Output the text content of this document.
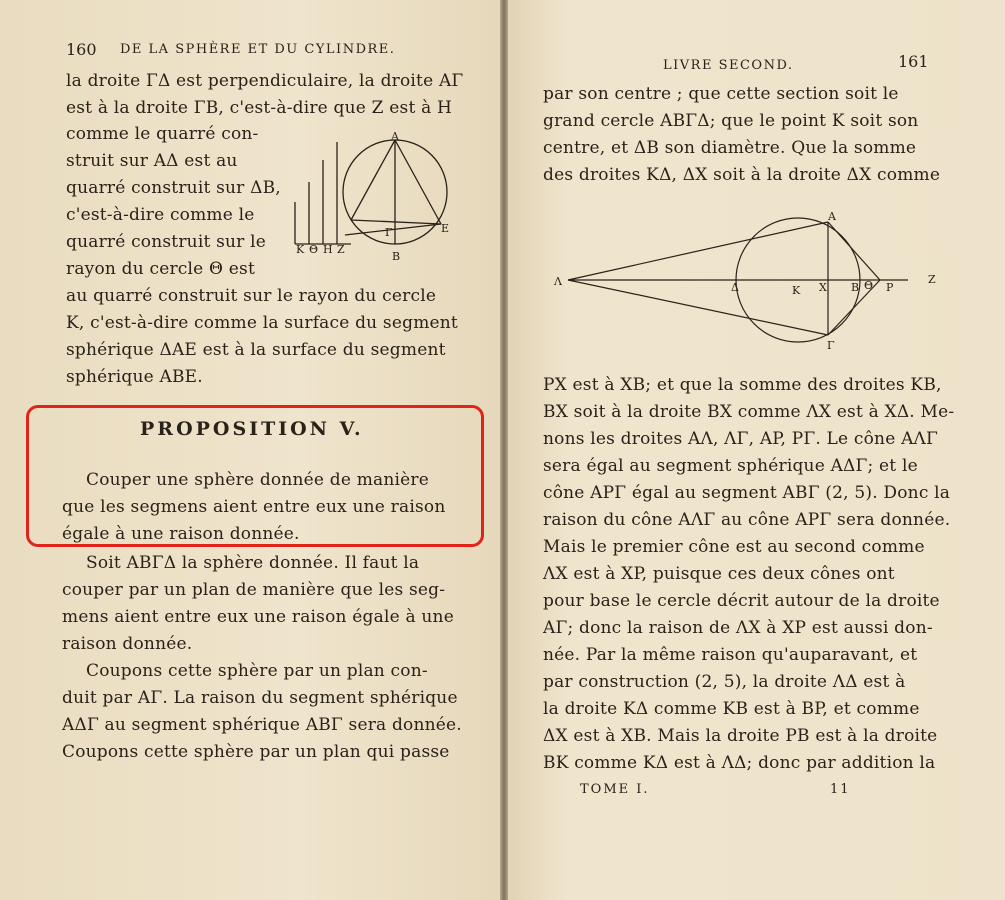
160 DE LA SPHÈRE ET DU CYLINDRE.
la droite ΓΔ est perpendiculaire, la droite AΓ
est à la droite ΓB, c'est-à-dire que Z est à H
comme le quarré con-
struit sur AΔ est au
quarré construit sur ΔB,
c'est-à-dire comme le
quarré construit sur le
rayon du cercle Θ est
au quarré construit sur le rayon du cercle
K, c'est-à-dire comme la surface du segment
sphérique ΔAE est à la surface du segment
sphérique ABE.
A
E
Γ
B
K Θ H Z
PROPOSITION V.
Couper une sphère donnée de manière
que les segmens aient entre eux une raison
égale à une raison donnée.
Soit ABΓΔ la sphère donnée. Il faut la
couper par un plan de manière que les seg-
mens aient entre eux une raison égale à une
raison donnée.
Coupons cette sphère par un plan con-
duit par AΓ. La raison du segment sphérique
AΔΓ au segment sphérique ABΓ sera donnée.
Coupons cette sphère par un plan qui passe
LIVRE SECOND.	161
par son centre ; que cette section soit le
grand cercle ABΓΔ; que le point K soit son
centre, et ΔB son diamètre. Que la somme
des droites KΔ, ΔX soit à la droite ΔX comme
A
Λ	Δ	K X B Θ P
Z
Γ
PX est à XB; et que la somme des droites KB,
BX soit à la droite BX comme ΛX est à XΔ. Me-
nons les droites AΛ, ΛΓ, AP, PΓ. Le cône AΛΓ
sera égal au segment sphérique AΔΓ; et le
cône APΓ égal au segment ABΓ (2, 5). Donc la
raison du cône AΛΓ au cône APΓ sera donnée.
Mais le premier cône est au second comme
ΛX est à XP, puisque ces deux cônes ont
pour base le cercle décrit autour de la droite
AΓ; donc la raison de ΛX à XP est aussi don-
née. Par la même raison qu'auparavant, et
par construction (2, 5), la droite ΛΔ est à
la droite KΔ comme KB est à BP, et comme
ΔX est à XB. Mais la droite PB est à la droite
BK comme KΔ est à ΛΔ; donc par addition la
TOME I.	11
